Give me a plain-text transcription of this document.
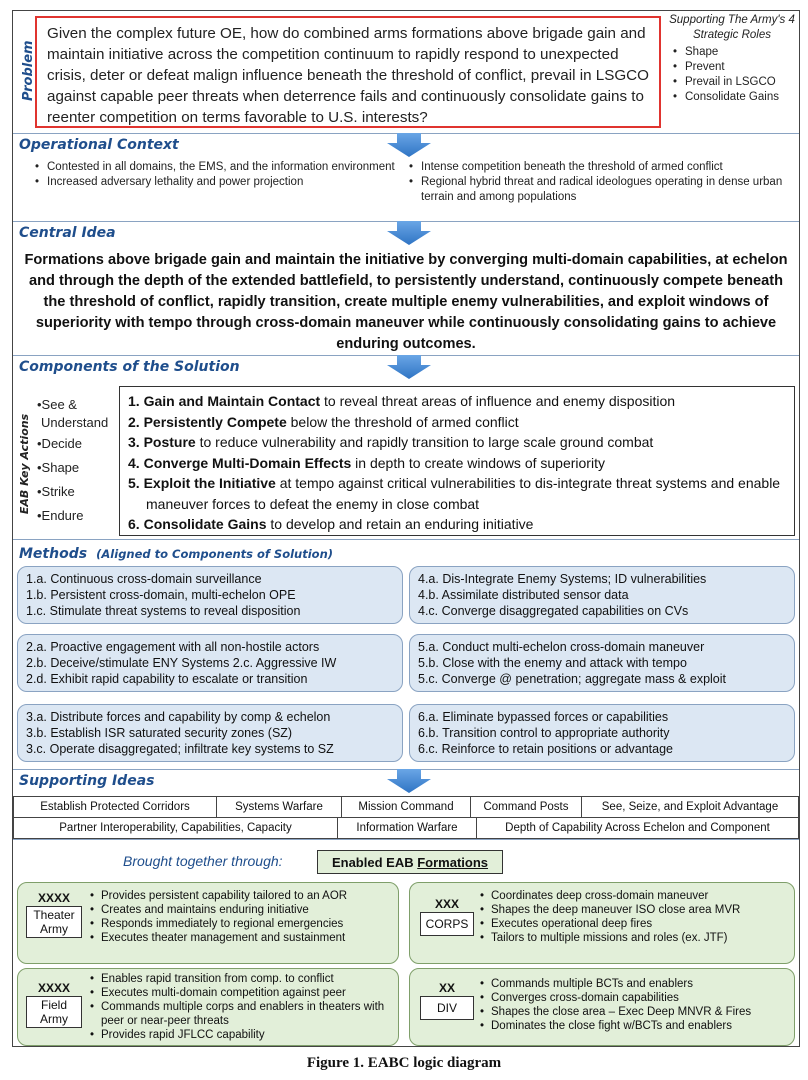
Problem
Given the complex future OE, how do combined arms formations above brigade gain and maintain initiative across the competition continuum to rapidly respond to unexpected crisis, deter or defeat malign influence beneath the threshold of conflict, prevail in LSGCO against capable peer threats when deterrence fails and continuously consolidate gains to reenter competition on terms favorable to U.S. interests?
Supporting The Army's 4 Strategic Roles
• Shape
• Prevent
• Prevail in LSGCO
• Consolidate Gains
Operational Context
• Contested in all domains, the EMS, and the information environment
• Increased adversary lethality and power projection
• Intense competition beneath the threshold of armed conflict
• Regional hybrid threat and radical ideologues operating in dense urban terrain and among populations
Central Idea
Formations above brigade gain and maintain the initiative by converging multi-domain capabilities, at echelon and through the depth of the extended battlefield, to persistently understand, continuously compete beneath the threshold of conflict, rapidly transition, create multiple enemy vulnerabilities, and exploit windows of superiority with tempo through cross-domain maneuver while continuously consolidating gains to achieve enduring outcomes.
Components of the Solution
EAB Key Actions
•See &
Understand
•Decide
•Shape
•Strike
•Endure
1. Gain and Maintain Contact to reveal threat areas of influence and enemy disposition
2. Persistently Compete below the threshold of armed conflict
3. Posture to reduce vulnerability and rapidly transition to large scale ground combat
4. Converge Multi-Domain Effects in depth to create windows of superiority
5. Exploit the Initiative at tempo against critical vulnerabilities to dis-integrate threat systems and enable maneuver forces to defeat the enemy in close combat
6. Consolidate Gains to develop and retain an enduring initiative
Methods (Aligned to Components of Solution)
1.a. Continuous cross-domain surveillance
1.b. Persistent cross-domain, multi-echelon OPE
1.c. Stimulate threat systems to reveal disposition
4.a. Dis-Integrate Enemy Systems; ID vulnerabilities
4.b. Assimilate distributed sensor data
4.c. Converge disaggregated capabilities on CVs
2.a. Proactive engagement with all non-hostile actors
2.b. Deceive/stimulate ENY Systems 2.c. Aggressive IW
2.d. Exhibit rapid capability to escalate or transition
5.a. Conduct multi-echelon cross-domain maneuver
5.b. Close with the enemy and attack with tempo
5.c. Converge @ penetration; aggregate mass & exploit
3.a. Distribute forces and capability by comp & echelon
3.b. Establish ISR saturated security zones (SZ)
3.c. Operate disaggregated; infiltrate key systems to SZ
6.a. Eliminate bypassed forces or capabilities
6.b. Transition control to appropriate authority
6.c. Reinforce to retain positions or advantage
Supporting Ideas
Establish Protected Corridors	Systems Warfare	Mission Command	Command Posts	See, Seize, and Exploit Advantage
Partner Interoperability, Capabilities, Capacity	Information Warfare	Depth of Capability Across Echelon and Component
Brought together through:	Enabled EAB Formations
XXXX
Theater
Army
• Provides persistent capability tailored to an AOR
• Creates and maintains enduring initiative
• Responds immediately to regional emergencies
• Executes theater management and sustainment
XXX
CORPS
• Coordinates deep cross-domain maneuver
• Shapes the deep maneuver ISO close area MVR
• Executes operational deep fires
• Tailors to multiple missions and roles (ex. JTF)
XXXX
Field
Army
• Enables rapid transition from comp. to conflict
• Executes multi-domain competition against peer
• Commands multiple corps and enablers in theaters with peer or near-peer threats
• Provides rapid JFLCC capability
XX
DIV
• Commands multiple BCTs and enablers
• Converges cross-domain capabilities
• Shapes the close area – Exec Deep MNVR & Fires
• Dominates the close fight w/BCTs and enablers
Figure 1. EABC logic diagram
